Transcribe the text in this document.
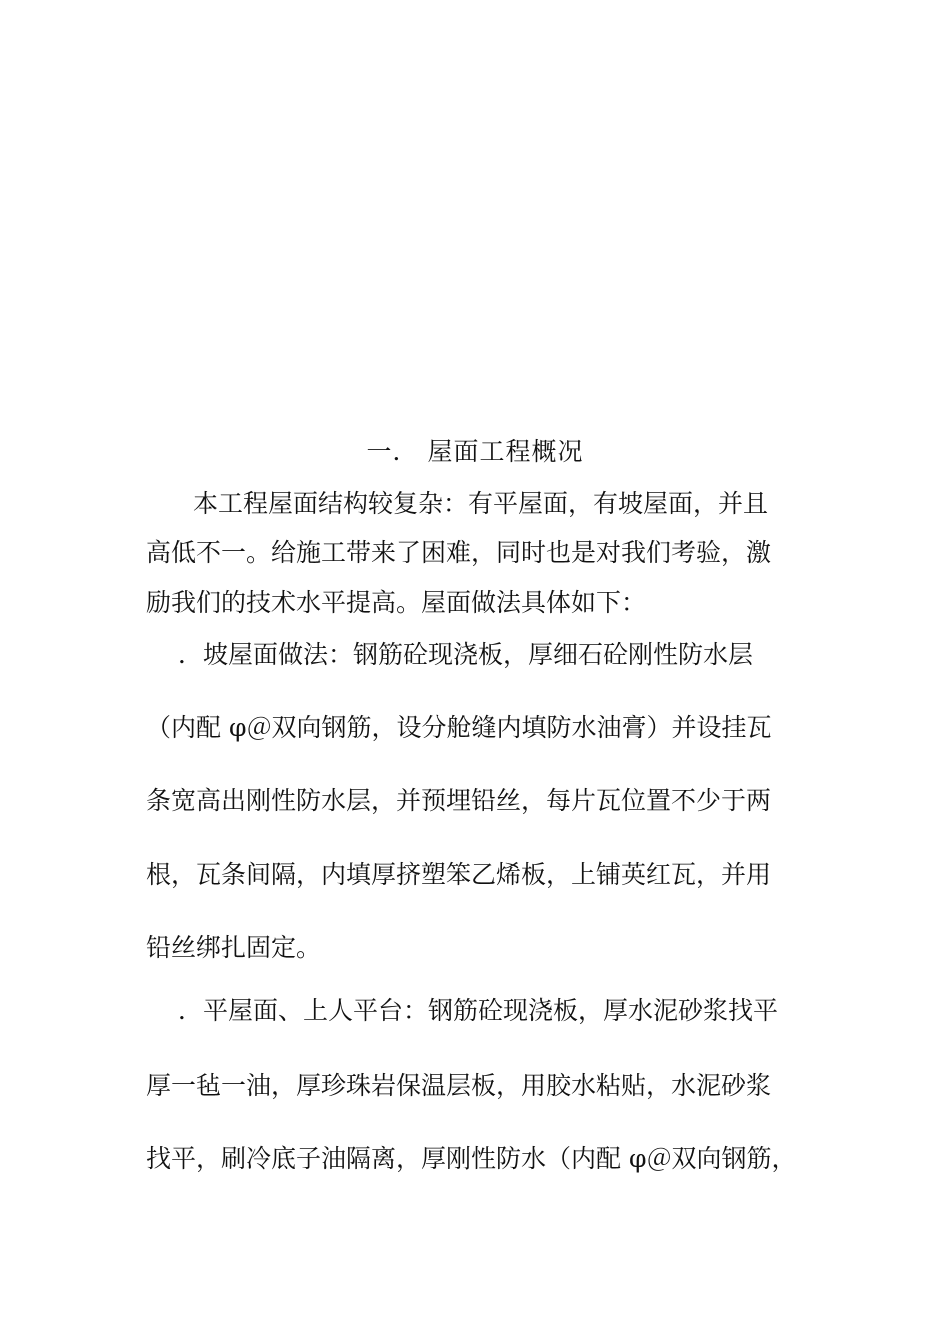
一． 屋面工程概况
本工程屋面结构较复杂：有平屋面，有坡屋面，并且
高低不一。给施工带来了困难，同时也是对我们考验，激
励我们的技术水平提高。屋面做法具体如下：
．坡屋面做法：钢筋砼现浇板，厚细石砼刚性防水层
（内配 φ＠双向钢筋，设分舱缝内填防水油膏）并设挂瓦
条宽高出刚性防水层，并预埋铅丝，每片瓦位置不少于两
根，瓦条间隔，内填厚挤塑笨乙烯板，上铺英红瓦，并用
铅丝绑扎固定。
．平屋面、上人平台：钢筋砼现浇板，厚水泥砂浆找平
厚一毡一油，厚珍珠岩保温层板，用胶水粘贴，水泥砂浆
找平，刷冷底子油隔离，厚刚性防水（内配 φ＠双向钢筋，
